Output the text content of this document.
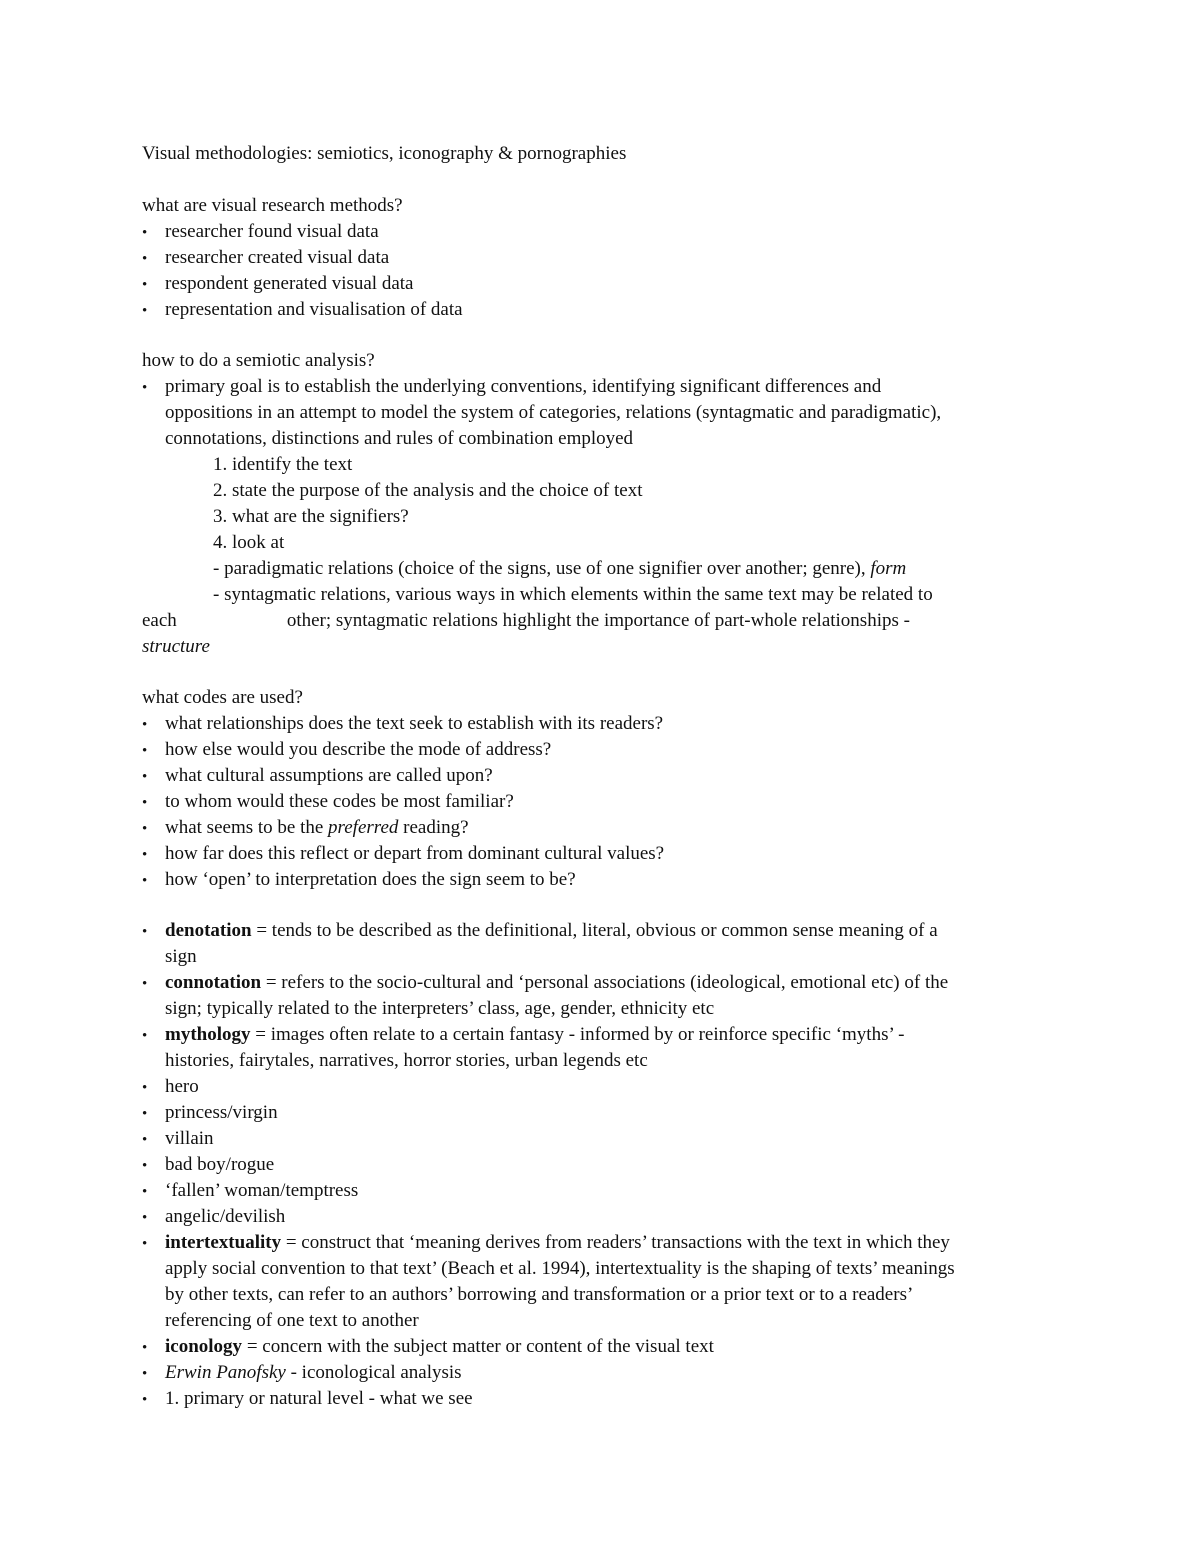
Visual methodologies: semiotics, iconography & pornographies
what are visual research methods?
•
researcher found visual data
•
researcher created visual data
•
respondent generated visual data
•
representation and visualisation of data
how to do a semiotic analysis?
•
primary goal is to establish the underlying conventions, identifying significant differences and
oppositions in an attempt to model the system of categories, relations (syntagmatic and paradigmatic),
connotations, distinctions and rules of combination employed
1. identify the text
2. state the purpose of the analysis and the choice of text
3. what are the signifiers?
4. look at
- paradigmatic relations (choice of the signs, use of one signifier over another; genre), form
- syntagmatic relations, various ways in which elements within the same text may be related to
each	other; syntagmatic relations highlight the importance of part-whole relationships -
structure
what codes are used?
•
what relationships does the text seek to establish with its readers?
•
how else would you describe the mode of address?
•
what cultural assumptions are called upon?
•
to whom would these codes be most familiar?
•
what seems to be the preferred reading?
•
how far does this reflect or depart from dominant cultural values?
•
how ‘open’ to interpretation does the sign seem to be?
•
denotation = tends to be described as the definitional, literal, obvious or common sense meaning of a
sign
•
connotation = refers to the socio-cultural and ‘personal associations (ideological, emotional etc) of the
sign; typically related to the interpreters’ class, age, gender, ethnicity etc
•
mythology = images often relate to a certain fantasy - informed by or reinforce specific ‘myths’ -
histories, fairytales, narratives, horror stories, urban legends etc
•
hero
•
princess/virgin
•
villain
•
bad boy/rogue
•
‘fallen’ woman/temptress
•
angelic/devilish
•
intertextuality = construct that ‘meaning derives from readers’ transactions with the text in which they
apply social convention to that text’ (Beach et al. 1994), intertextuality is the shaping of texts’ meanings
by other texts, can refer to an authors’ borrowing and transformation or a prior text or to a readers’
referencing of one text to another
•
iconology = concern with the subject matter or content of the visual text
•
Erwin Panofsky - iconological analysis
•
1. primary or natural level - what we see
